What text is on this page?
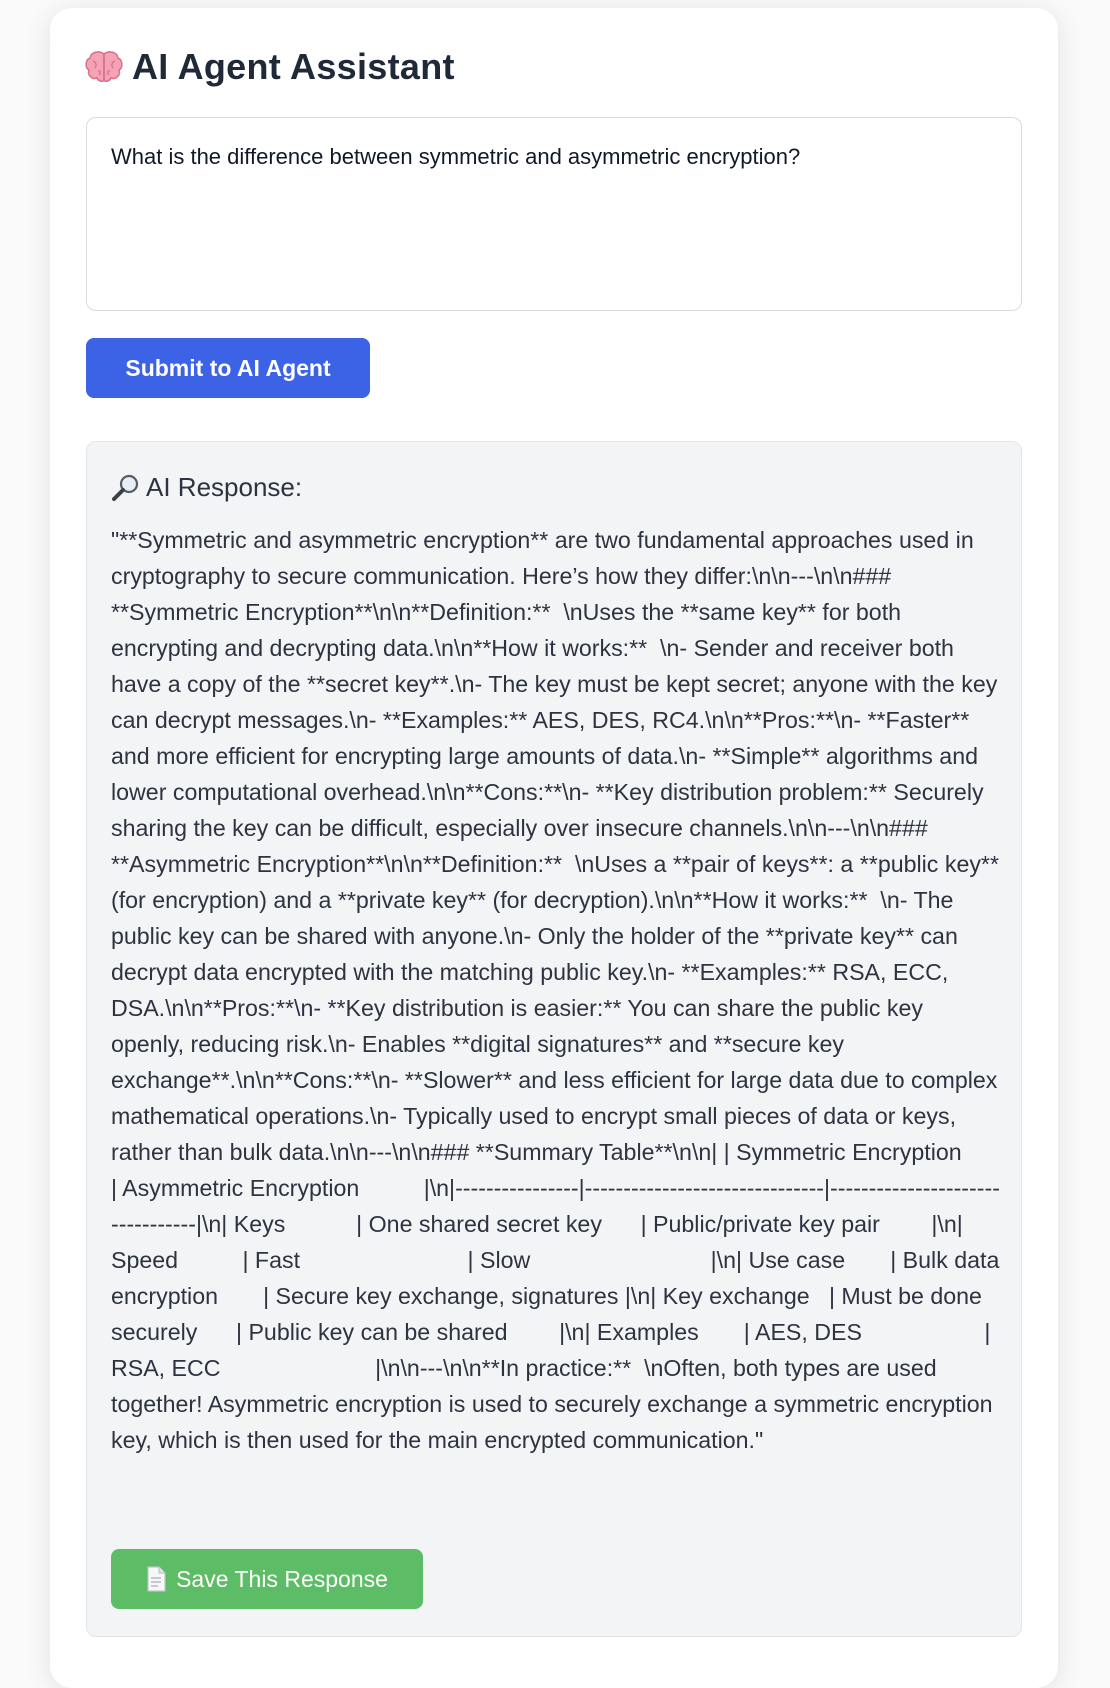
AI Agent Assistant
What is the difference between symmetric and asymmetric encryption?
Submit to AI Agent
AI Response:

"**Symmetric and asymmetric encryption** are two fundamental approaches used in cryptography to secure communication. Here’s how they differ:\n\n---\n\n### **Symmetric Encryption**\n\n**Definition:**  \nUses the **same key** for both encrypting and decrypting data.\n\n**How it works:**  \n- Sender and receiver both have a copy of the **secret key**.\n- The key must be kept secret; anyone with the key can decrypt messages.\n- **Examples:** AES, DES, RC4.\n\n**Pros:**\n- **Faster** and more efficient for encrypting large amounts of data.\n- **Simple** algorithms and lower computational overhead.\n\n**Cons:**\n- **Key distribution problem:** Securely sharing the key can be difficult, especially over insecure channels.\n\n---\n\n### **Asymmetric Encryption**\n\n**Definition:**  \nUses a **pair of keys**: a **public key** (for encryption) and a **private key** (for decryption).\n\n**How it works:**  \n- The public key can be shared with anyone.\n- Only the holder of the **private key** can decrypt data encrypted with the matching public key.\n- **Examples:** RSA, ECC, DSA.\n\n**Pros:**\n- **Key distribution is easier:** You can share the public key openly, reducing risk.\n- Enables **digital signatures** and **secure key exchange**.\n\n**Cons:**\n- **Slower** and less efficient for large data due to complex mathematical operations.\n- Typically used to encrypt small pieces of data or keys, rather than bulk data.\n\n---\n\n### **Summary Table**\n\n| | Symmetric Encryption       | Asymmetric Encryption          |\n|----------------|-------------------------------|---------------------------------|\n| Keys           | One shared secret key      | Public/private key pair        |\n| Speed          | Fast                          | Slow                            |\n| Use case       | Bulk data encryption       | Secure key exchange, signatures |\n| Key exchange   | Must be done securely      | Public key can be shared        |\n| Examples       | AES, DES                   | RSA, ECC                        |\n\n---\n\n**In practice:**  \nOften, both types are used together! Asymmetric encryption is used to securely exchange a symmetric encryption key, which is then used for the main encrypted communication."

Save This Response
